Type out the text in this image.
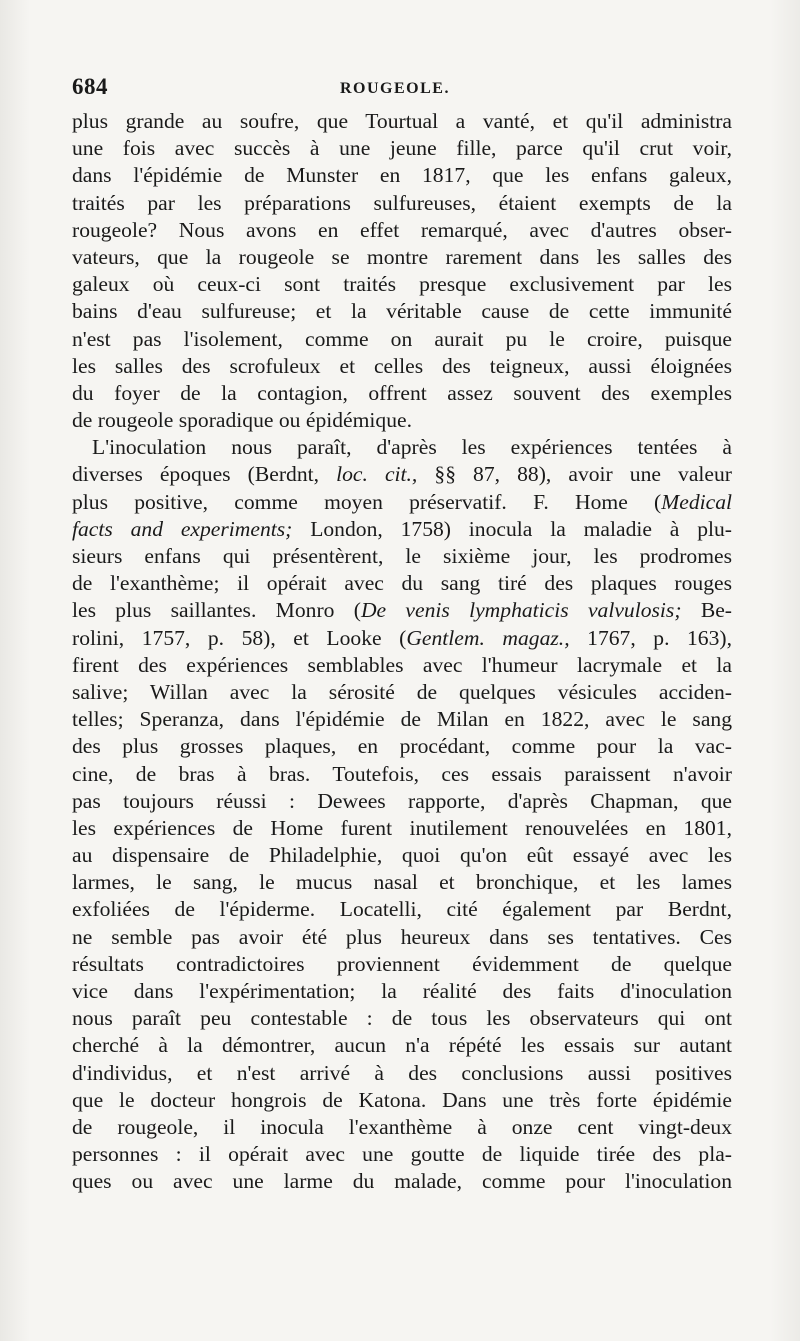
684	ROUGEOLE.
plus grande au soufre, que Tourtual a vanté, et qu'il administra
une fois avec succès à une jeune fille, parce qu'il crut voir,
dans l'épidémie de Munster en 1817, que les enfans galeux,
traités par les préparations sulfureuses, étaient exempts de la
rougeole? Nous avons en effet remarqué, avec d'autres obser-
vateurs, que la rougeole se montre rarement dans les salles des
galeux où ceux-ci sont traités presque exclusivement par les
bains d'eau sulfureuse; et la véritable cause de cette immunité
n'est pas l'isolement, comme on aurait pu le croire, puisque
les salles des scrofuleux et celles des teigneux, aussi éloignées
du foyer de la contagion, offrent assez souvent des exemples
de rougeole sporadique ou épidémique.
L'inoculation nous paraît, d'après les expériences tentées à
diverses époques (Berdnt, loc. cit., §§ 87, 88), avoir une valeur
plus positive, comme moyen préservatif. F. Home (Medical
facts and experiments; London, 1758) inocula la maladie à plu-
sieurs enfans qui présentèrent, le sixième jour, les prodromes
de l'exanthème; il opérait avec du sang tiré des plaques rouges
les plus saillantes. Monro (De venis lymphaticis valvulosis; Be-
rolini, 1757, p. 58), et Looke (Gentlem. magaz., 1767, p. 163),
firent des expériences semblables avec l'humeur lacrymale et la
salive; Willan avec la sérosité de quelques vésicules acciden-
telles; Speranza, dans l'épidémie de Milan en 1822, avec le sang
des plus grosses plaques, en procédant, comme pour la vac-
cine, de bras à bras. Toutefois, ces essais paraissent n'avoir
pas toujours réussi : Dewees rapporte, d'après Chapman, que
les expériences de Home furent inutilement renouvelées en 1801,
au dispensaire de Philadelphie, quoi qu'on eût essayé avec les
larmes, le sang, le mucus nasal et bronchique, et les lames
exfoliées de l'épiderme. Locatelli, cité également par Berdnt,
ne semble pas avoir été plus heureux dans ses tentatives. Ces
résultats contradictoires proviennent évidemment de quelque
vice dans l'expérimentation; la réalité des faits d'inoculation
nous paraît peu contestable : de tous les observateurs qui ont
cherché à la démontrer, aucun n'a répété les essais sur autant
d'individus, et n'est arrivé à des conclusions aussi positives
que le docteur hongrois de Katona. Dans une très forte épidémie
de rougeole, il inocula l'exanthème à onze cent vingt-deux
personnes : il opérait avec une goutte de liquide tirée des pla-
ques ou avec une larme du malade, comme pour l'inoculation
